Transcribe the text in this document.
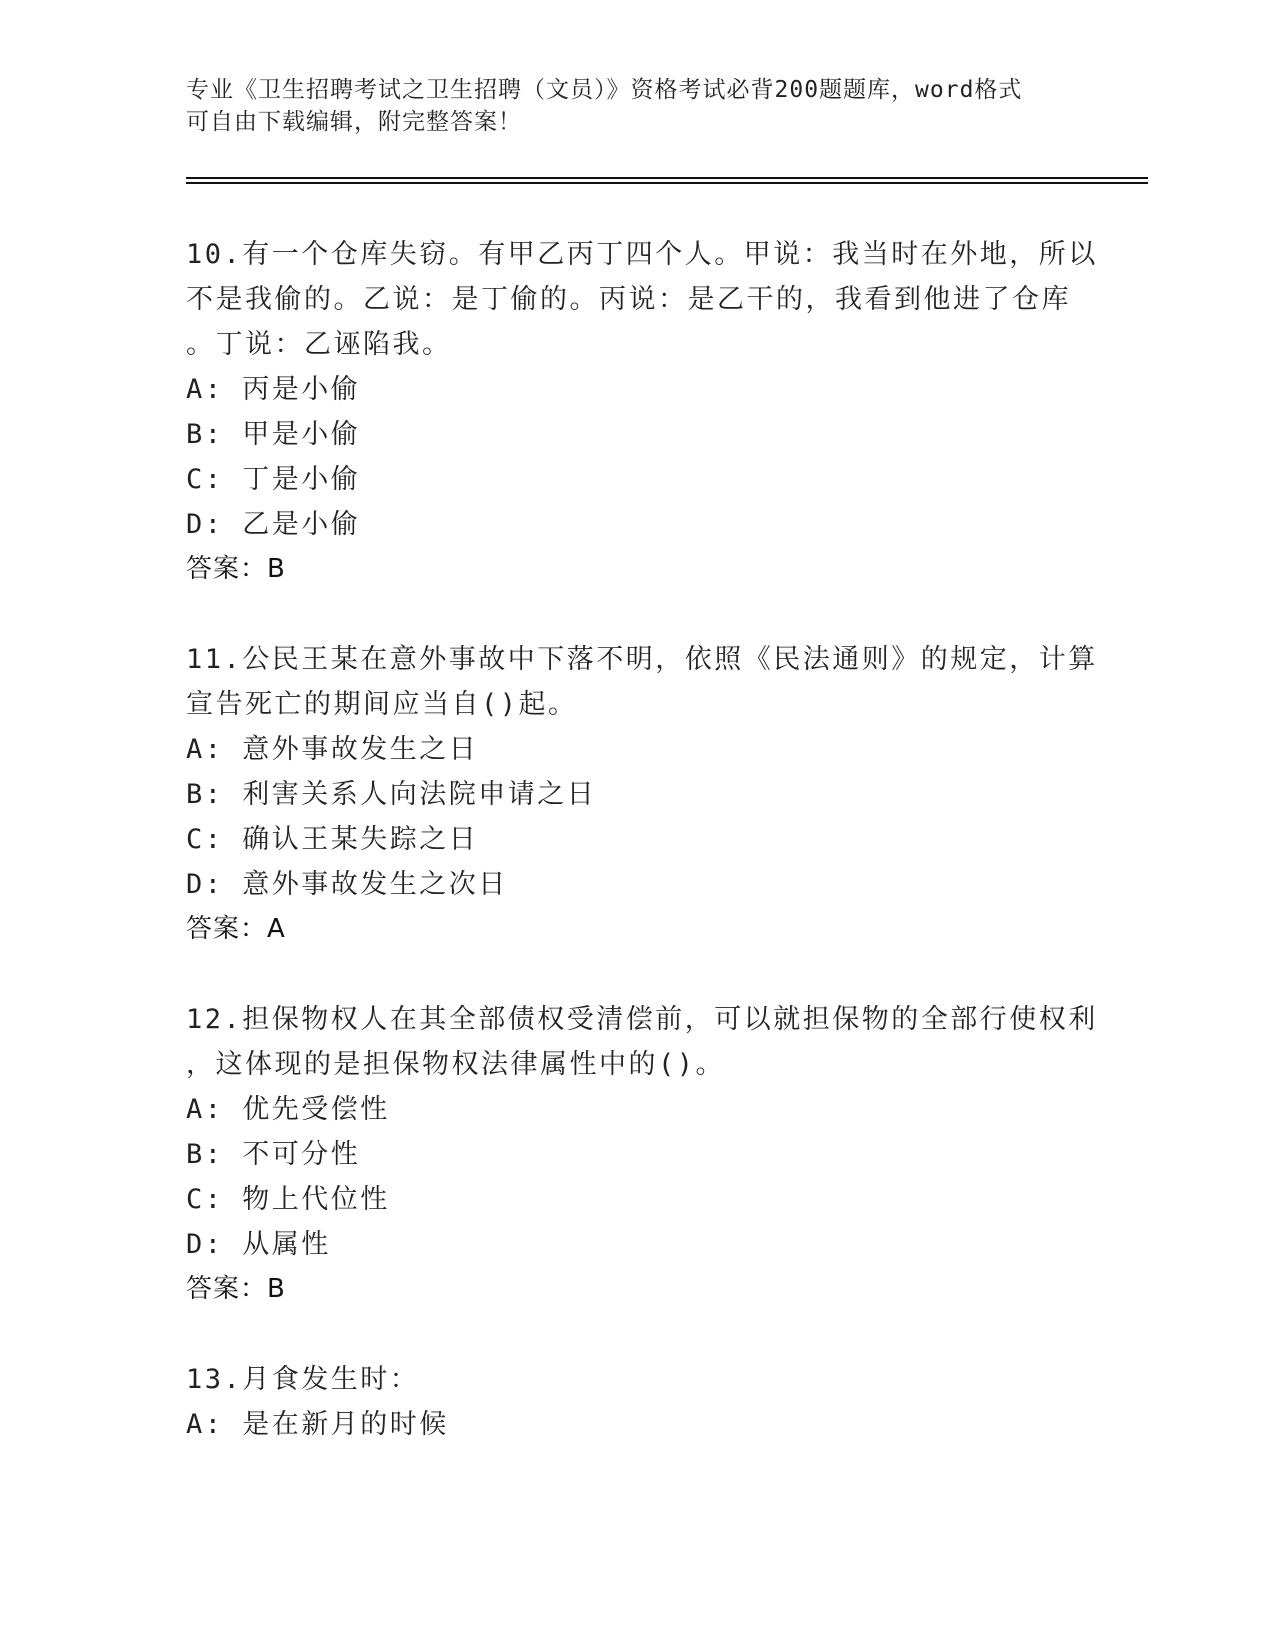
专业《卫生招聘考试之卫生招聘（文员）》资格考试必背200题题库，word格式
可自由下载编辑，附完整答案！
10.有一个仓库失窃。有甲乙丙丁四个人。甲说：我当时在外地，所以
不是我偷的。乙说：是丁偷的。丙说：是乙干的，我看到他进了仓库
。丁说：乙诬陷我。
A: 丙是小偷
B: 甲是小偷
C: 丁是小偷
D: 乙是小偷
答案：B
11.公民王某在意外事故中下落不明，依照《民法通则》的规定，计算
宣告死亡的期间应当自()起。
A: 意外事故发生之日
B: 利害关系人向法院申请之日
C: 确认王某失踪之日
D: 意外事故发生之次日
答案：A
12.担保物权人在其全部债权受清偿前，可以就担保物的全部行使权利
，这体现的是担保物权法律属性中的()。
A: 优先受偿性
B: 不可分性
C: 物上代位性
D: 从属性
答案：B
13.月食发生时：
A: 是在新月的时候
